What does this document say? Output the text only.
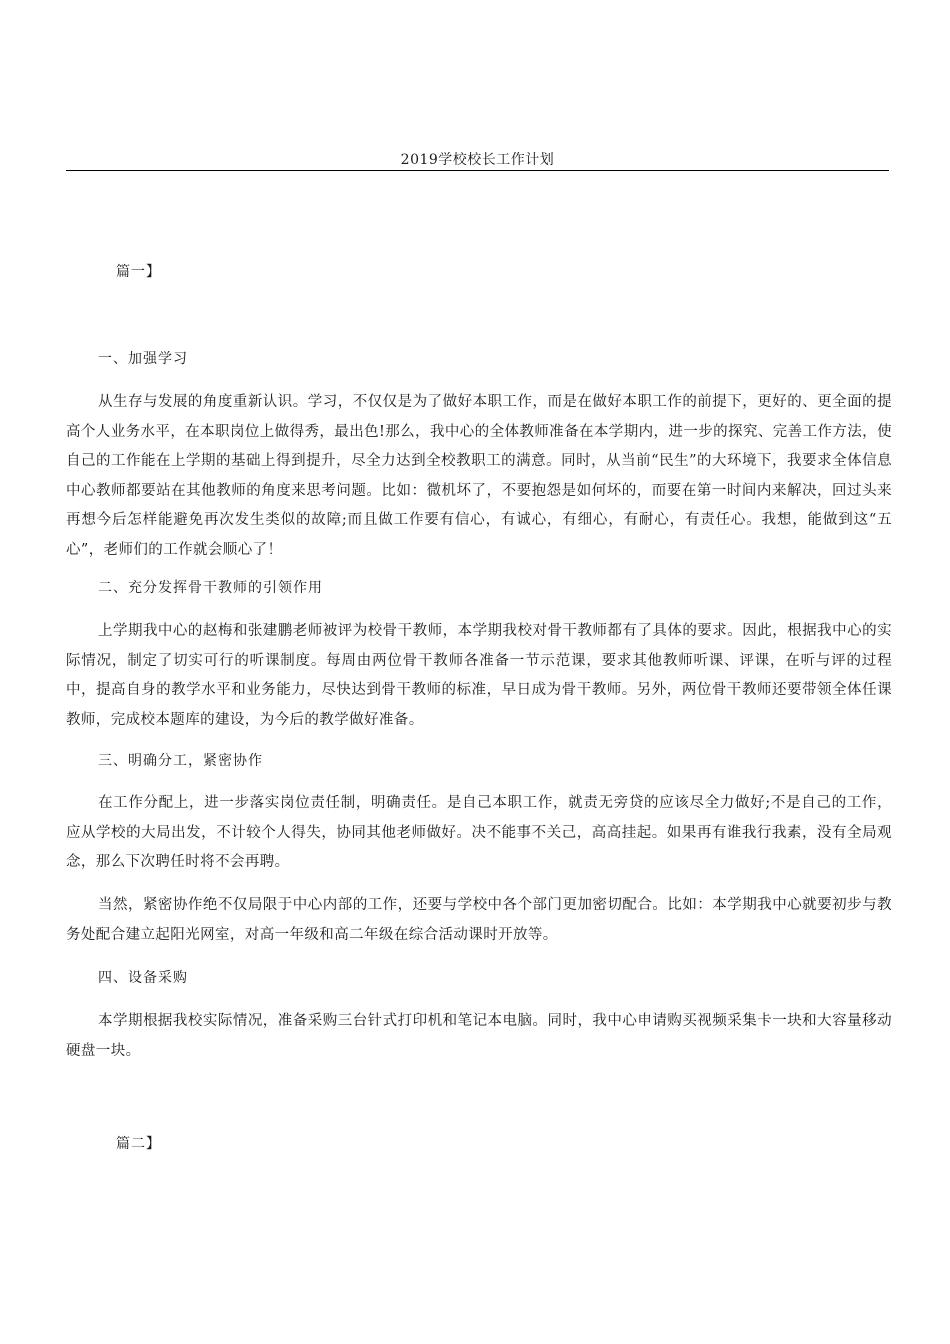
2019学校校长工作计划
篇一】
一、加强学习

从生存与发展的角度重新认识。学习，不仅仅是为了做好本职工作，而是在做好本职工作的前提下，更好的、更全面的提高个人业务水平，在本职岗位上做得秀，最出色!那么，我中心的全体教师准备在本学期内，进一步的探究、完善工作方法，使自己的工作能在上学期的基础上得到提升，尽全力达到全校教职工的满意。同时，从当前“民生”的大环境下，我要求全体信息中心教师都要站在其他教师的角度来思考问题。比如：微机坏了，不要抱怨是如何坏的，而要在第一时间内来解决，回过头来再想今后怎样能避免再次发生类似的故障;而且做工作要有信心，有诚心，有细心，有耐心，有责任心。我想，能做到这“五心”，老师们的工作就会顺心了！

二、充分发挥骨干教师的引领作用

上学期我中心的赵梅和张建鹏老师被评为校骨干教师，本学期我校对骨干教师都有了具体的要求。因此，根据我中心的实际情况，制定了切实可行的听课制度。每周由两位骨干教师各准备一节示范课，要求其他教师听课、评课，在听与评的过程中，提高自身的教学水平和业务能力，尽快达到骨干教师的标准，早日成为骨干教师。另外，两位骨干教师还要带领全体任课教师，完成校本题库的建设，为今后的教学做好准备。

三、明确分工，紧密协作

在工作分配上，进一步落实岗位责任制，明确责任。是自己本职工作，就责无旁贷的应该尽全力做好;不是自己的工作，应从学校的大局出发，不计较个人得失，协同其他老师做好。决不能事不关己，高高挂起。如果再有谁我行我素，没有全局观念，那么下次聘任时将不会再聘。

当然，紧密协作绝不仅局限于中心内部的工作，还要与学校中各个部门更加密切配合。比如：本学期我中心就要初步与教务处配合建立起阳光网室，对高一年级和高二年级在综合活动课时开放等。

四、设备采购

本学期根据我校实际情况，准备采购三台针式打印机和笔记本电脑。同时，我中心申请购买视频采集卡一块和大容量移动硬盘一块。

篇二】
